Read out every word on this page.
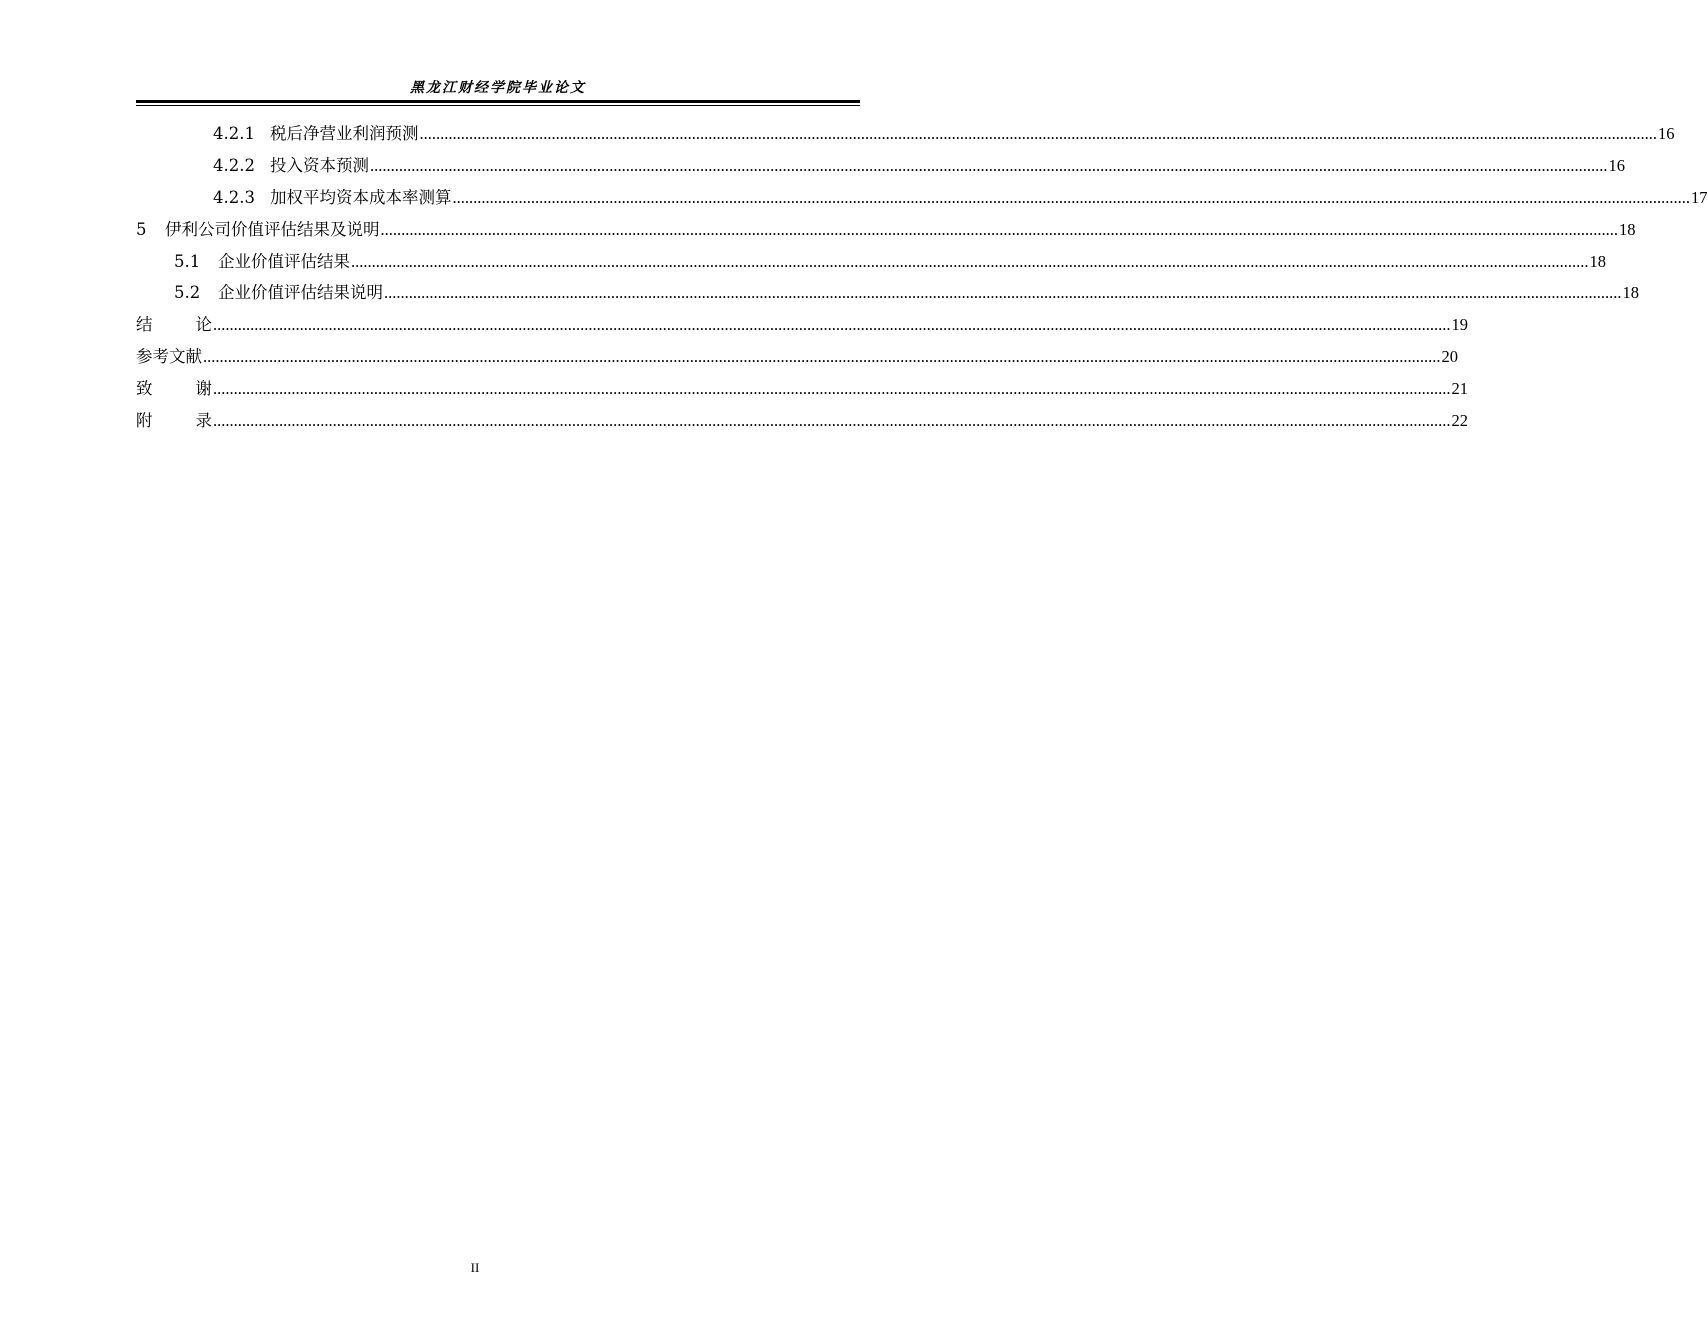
黑龙江财经学院毕业论文
4.2.1 税后净营业利润预测 ............................................................................................................................................................................................................................................................................................................ 16
4.2.2 投入资本预测 ............................................................................................................................................................................................................................................................................................................ 16
4.2.3 加权平均资本成本率测算 ............................................................................................................................................................................................................................................................................................................ 17
5	伊利公司价值评估结果及说明 ............................................................................................................................................................................................................................................................................................................ 18
5.1	企业价值评估结果 ............................................................................................................................................................................................................................................................................................................ 18
5.2	企业价值评估结果说明 ............................................................................................................................................................................................................................................................................................................ 18
结	论 ............................................................................................................................................................................................................................................................................................................ 19
参考文献 ............................................................................................................................................................................................................................................................................................................ 20
致	谢 ............................................................................................................................................................................................................................................................................................................ 21
附	录 ............................................................................................................................................................................................................................................................................................................ 22
II
